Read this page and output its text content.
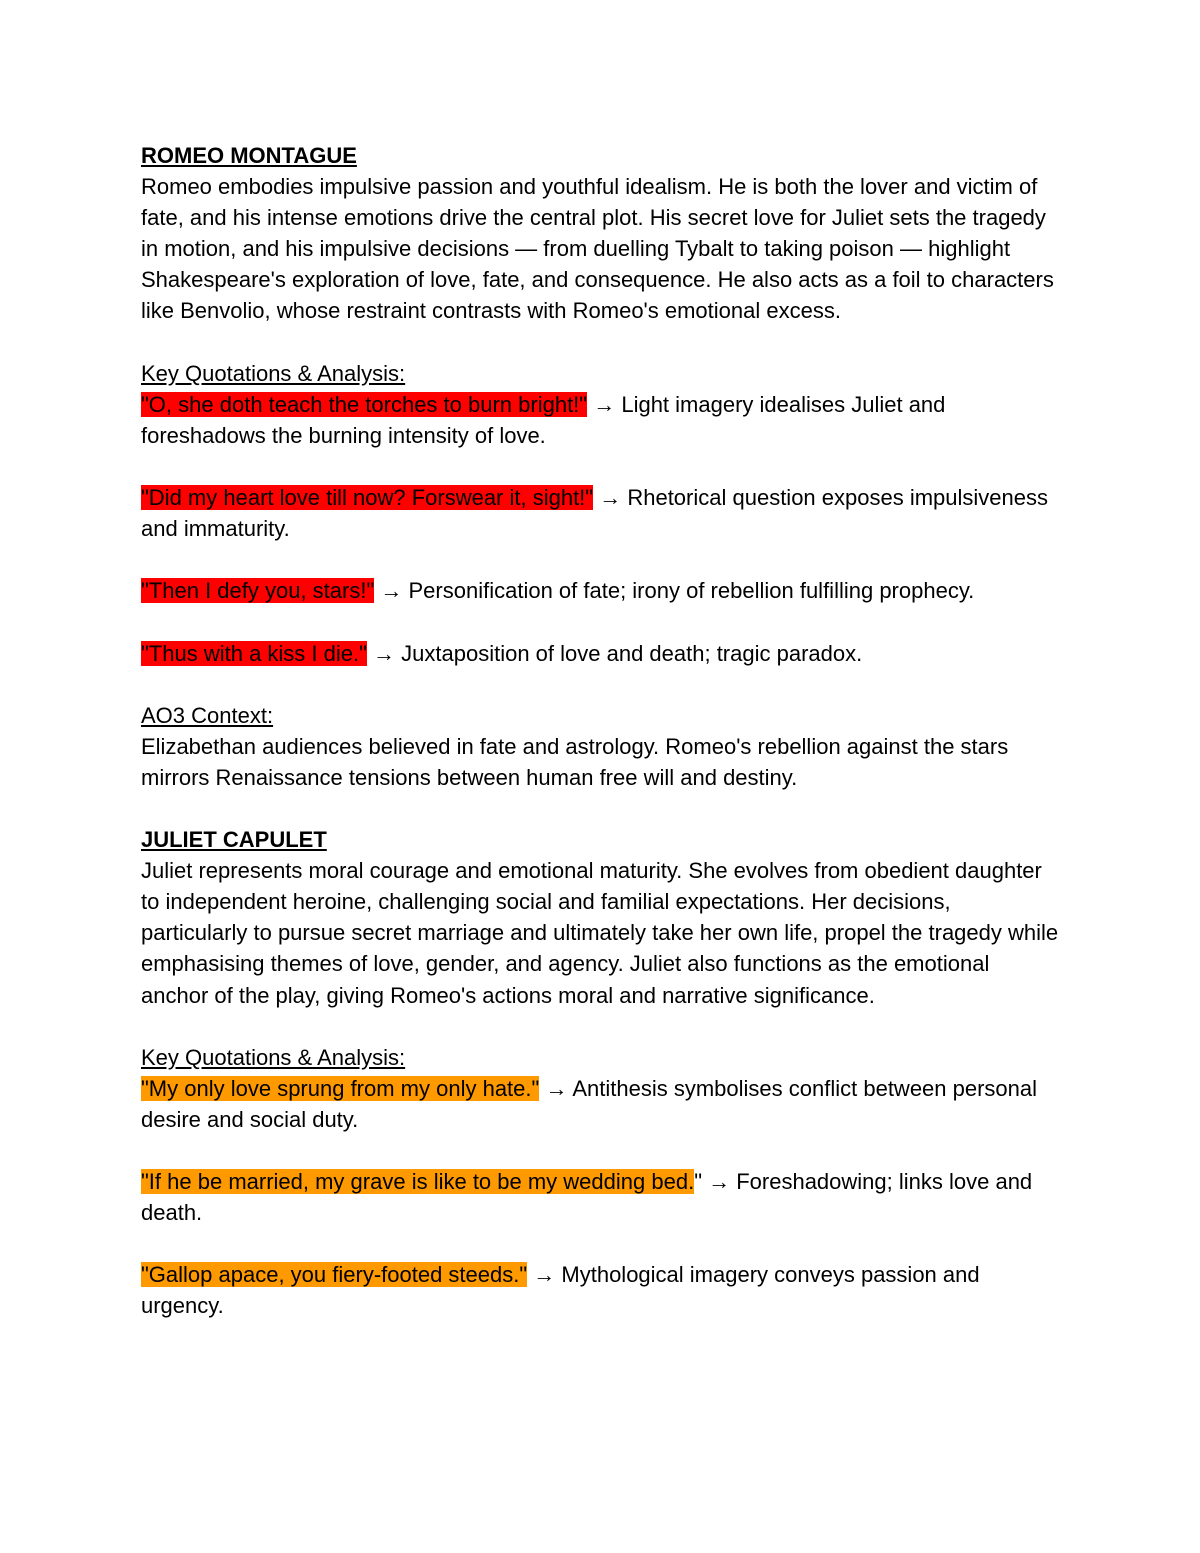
ROMEO MONTAGUE
Romeo embodies impulsive passion and youthful idealism. He is both the lover and victim of fate, and his intense emotions drive the central plot. His secret love for Juliet sets the tragedy in motion, and his impulsive decisions — from duelling Tybalt to taking poison — highlight Shakespeare's exploration of love, fate, and consequence. He also acts as a foil to characters like Benvolio, whose restraint contrasts with Romeo's emotional excess.
Key Quotations & Analysis:
"O, she doth teach the torches to burn bright!" → Light imagery idealises Juliet and foreshadows the burning intensity of love.
"Did my heart love till now? Forswear it, sight!" → Rhetorical question exposes impulsiveness and immaturity.
"Then I defy you, stars!" → Personification of fate; irony of rebellion fulfilling prophecy.
"Thus with a kiss I die." → Juxtaposition of love and death; tragic paradox.
AO3 Context:
Elizabethan audiences believed in fate and astrology. Romeo's rebellion against the stars mirrors Renaissance tensions between human free will and destiny.
JULIET CAPULET
Juliet represents moral courage and emotional maturity. She evolves from obedient daughter to independent heroine, challenging social and familial expectations. Her decisions, particularly to pursue secret marriage and ultimately take her own life, propel the tragedy while emphasising themes of love, gender, and agency. Juliet also functions as the emotional anchor of the play, giving Romeo's actions moral and narrative significance.
Key Quotations & Analysis:
"My only love sprung from my only hate." → Antithesis symbolises conflict between personal desire and social duty.
"If he be married, my grave is like to be my wedding bed." → Foreshadowing; links love and death.
"Gallop apace, you fiery-footed steeds." → Mythological imagery conveys passion and urgency.
